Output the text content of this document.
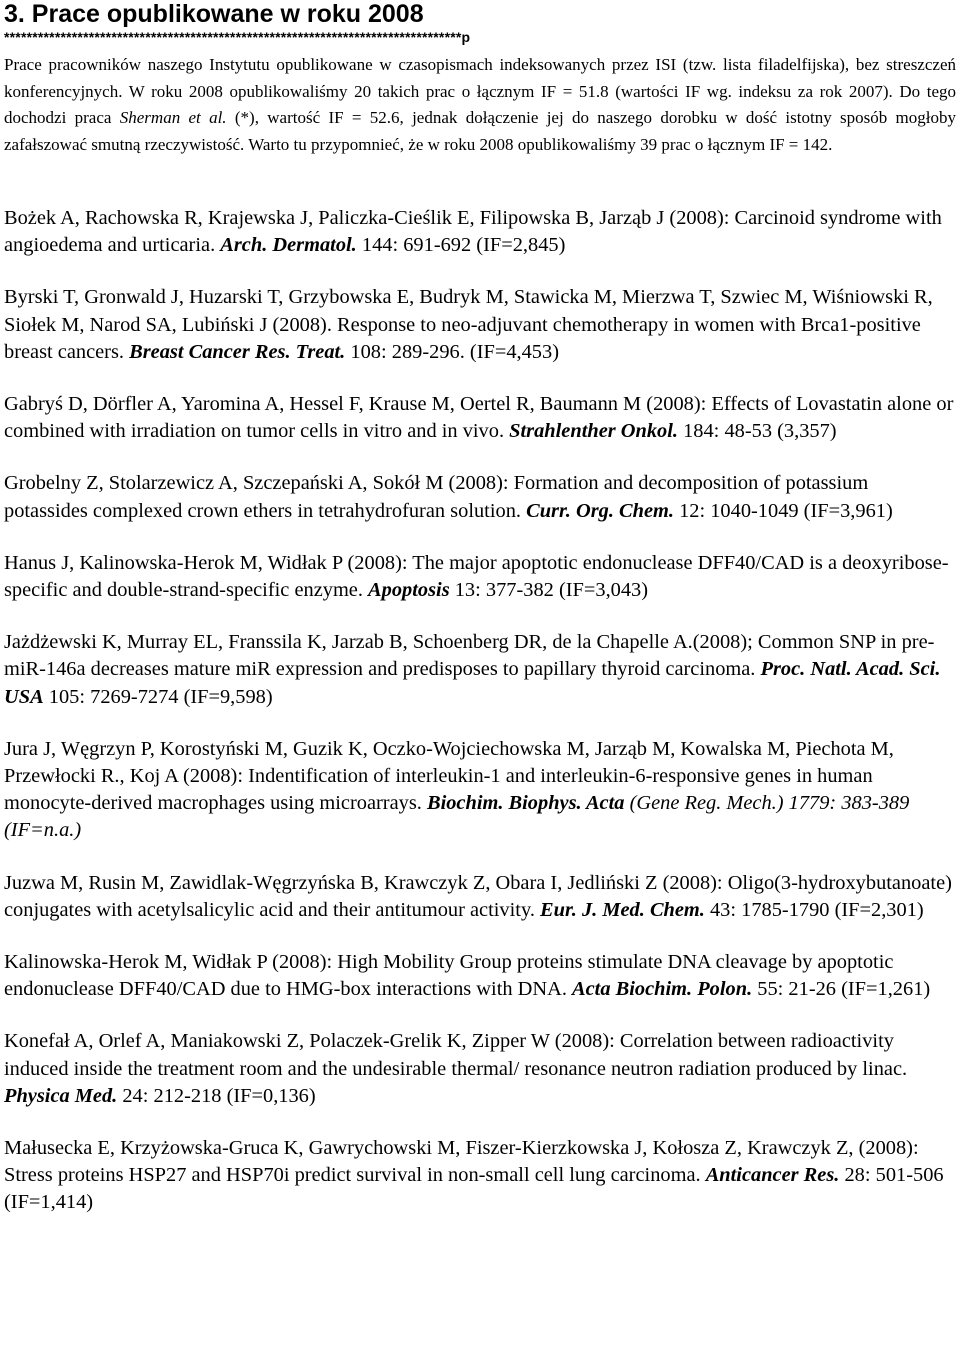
3. Prace opublikowane w roku 2008
*********************************************************************************p

Prace pracowników naszego Instytutu opublikowane w czasopismach indeksowanych przez ISI (tzw. lista filadelfijska), bez streszczeń konferencyjnych. W roku 2008 opublikowaliśmy 20 takich prac o łącznym IF = 51.8 (wartości IF wg. indeksu za rok 2007). Do tego dochodzi praca Sherman et al. (*), wartość IF = 52.6, jednak dołączenie jej do naszego dorobku w dość istotny sposób mogłoby zafałszować smutną rzeczywistość. Warto tu przypomnieć, że w roku 2008 opublikowaliśmy 39 prac o łącznym IF = 142.

Bożek A, Rachowska R, Krajewska J, Paliczka-Cieślik E, Filipowska B, Jarząb J (2008): Carcinoid syndrome with angioedema and urticaria. Arch. Dermatol. 144: 691-692 (IF=2,845)

Byrski T, Gronwald J, Huzarski T, Grzybowska E, Budryk M, Stawicka M, Mierzwa T, Szwiec M, Wiśniowski R, Siołek M, Narod SA, Lubiński J (2008). Response to neo-adjuvant chemotherapy in women with Brca1-positive breast cancers. Breast Cancer Res. Treat. 108: 289-296. (IF=4,453)

Gabryś D, Dörfler A, Yaromina A, Hessel F, Krause M, Oertel R, Baumann M (2008): Effects of Lovastatin alone or combined with irradiation on tumor cells in vitro and in vivo. Strahlenther Onkol. 184: 48-53 (3,357)

Grobelny Z, Stolarzewicz A, Szczepański A, Sokół M (2008): Formation and decomposition of potassium potassides complexed crown ethers in tetrahydrofuran solution. Curr. Org. Chem. 12: 1040-1049 (IF=3,961)

Hanus J, Kalinowska-Herok M, Widłak P (2008): The major apoptotic endonuclease DFF40/CAD is a deoxyribose-specific and double-strand-specific enzyme. Apoptosis 13: 377-382 (IF=3,043)

Jażdżewski K, Murray EL, Franssila K, Jarzab B, Schoenberg DR, de la Chapelle A.(2008); Common SNP in pre-miR-146a decreases mature miR expression and predisposes to papillary thyroid carcinoma. Proc. Natl. Acad. Sci. USA 105: 7269-7274 (IF=9,598)

Jura J, Węgrzyn P, Korostyński M, Guzik K, Oczko-Wojciechowska M, Jarząb M, Kowalska M, Piechota M, Przewłocki R., Koj A (2008): Indentification of interleukin-1 and interleukin-6-responsive genes in human monocyte-derived macrophages using microarrays. Biochim. Biophys. Acta (Gene Reg. Mech.) 1779: 383-389 (IF=n.a.)

Juzwa M, Rusin M, Zawidlak-Węgrzyńska B, Krawczyk Z, Obara I, Jedliński Z (2008): Oligo(3-hydroxybutanoate) conjugates with acetylsalicylic acid and their antitumour activity. Eur. J. Med. Chem. 43: 1785-1790 (IF=2,301)

Kalinowska-Herok M, Widłak P (2008): High Mobility Group proteins stimulate DNA cleavage by apoptotic endonuclease DFF40/CAD due to HMG-box interactions with DNA. Acta Biochim. Polon. 55: 21-26 (IF=1,261)

Konefał A, Orlef A, Maniakowski Z, Polaczek-Grelik K, Zipper W (2008): Correlation between radioactivity induced inside the treatment room and the undesirable thermal/ resonance neutron radiation produced by linac. Physica Med. 24: 212-218 (IF=0,136)

Małusecka E, Krzyżowska-Gruca K, Gawrychowski M, Fiszer-Kierzkowska J, Kołosza Z, Krawczyk Z, (2008): Stress proteins HSP27 and HSP70i predict survival in non-small cell lung carcinoma. Anticancer Res. 28: 501-506 (IF=1,414)
